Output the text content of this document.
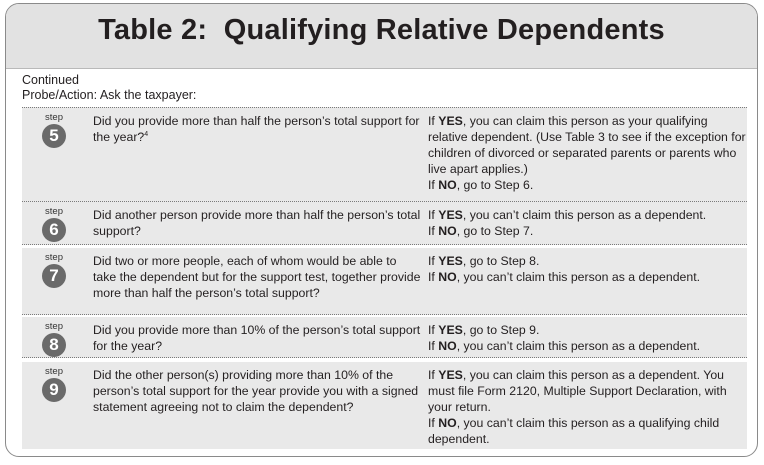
Table 2:  Qualifying Relative Dependents
Continued
Probe/Action: Ask the taxpayer:
step
5
Did you provide more than half the person’s total support for the year?$^4$
If YES, you can claim this person as your qualifying relative dependent. (Use Table 3 to see if the exception for children of divorced or separated parents or parents who live apart applies.)
If NO, go to Step 6.
step
6
Did another person provide more than half the person’s total support?
If YES, you can’t claim this person as a dependent.
If NO, go to Step 7.
step
7
Did two or more people, each of whom would be able to take the dependent but for the support test, together provide more than half the person’s total support?
If YES, go to Step 8.
If NO, you can’t claim this person as a dependent.
step
8
Did you provide more than 10% of the person’s total support for the year?
If YES, go to Step 9.
If NO, you can’t claim this person as a dependent.
step
9
Did the other person(s) providing more than 10% of the person’s total support for the year provide you with a signed statement agreeing not to claim the dependent?
If YES, you can claim this person as a dependent. You must file Form 2120, Multiple Support Declaration, with your return.
If NO, you can’t claim this person as a qualifying child dependent.
